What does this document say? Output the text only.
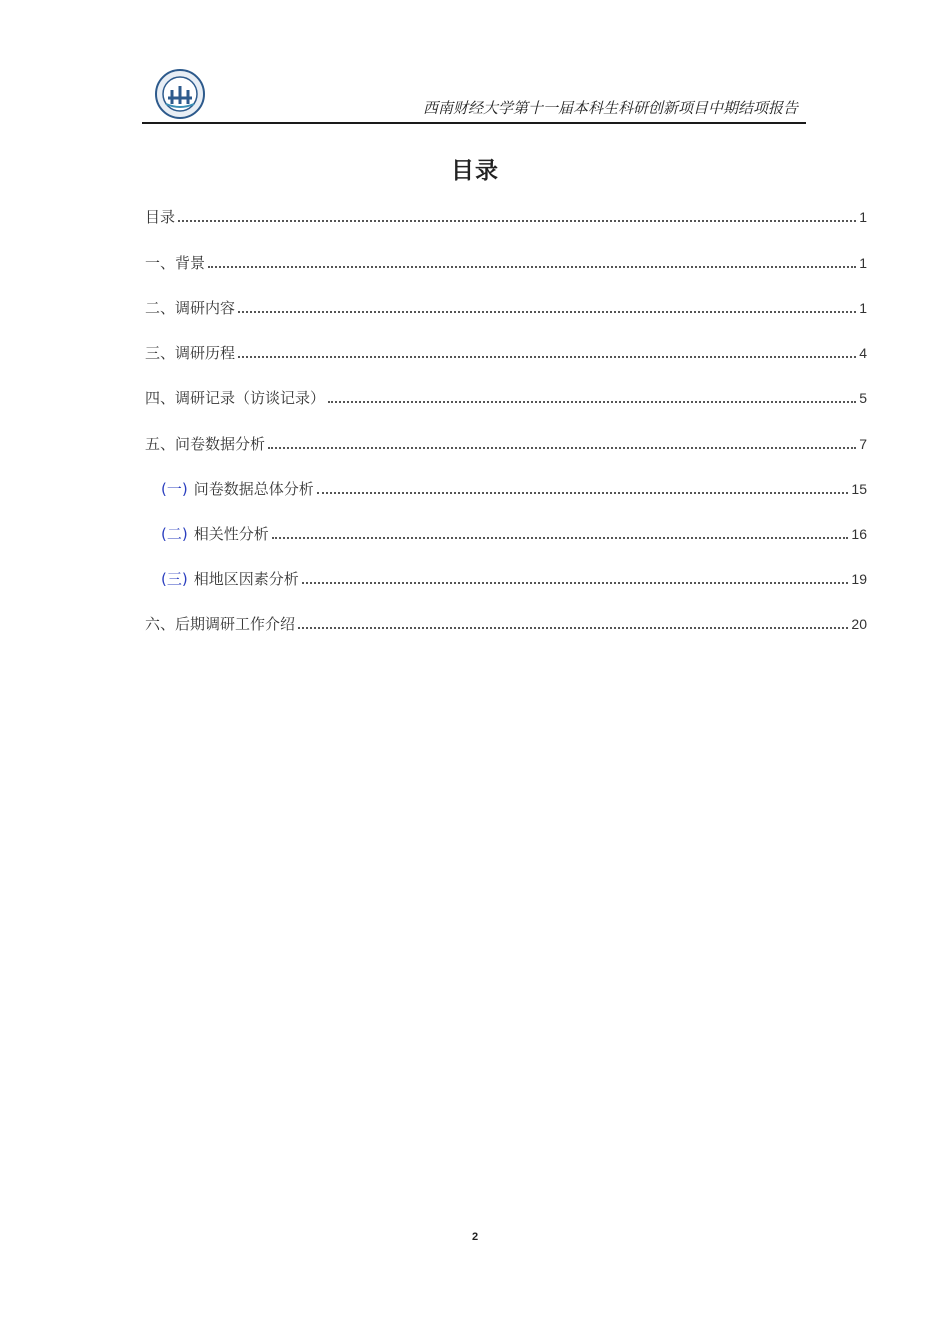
西南财经大学第十一届本科生科研创新项目中期结项报告
目录
目录	1
一、背景	1
二、调研内容	1
三、调研历程	4
四、调研记录（访谈记录）	5
五、问卷数据分析	7
(一) 问卷数据总体分析	15
(二) 相关性分析	16
(三) 相地区因素分析	19
六、后期调研工作介绍	20
2
